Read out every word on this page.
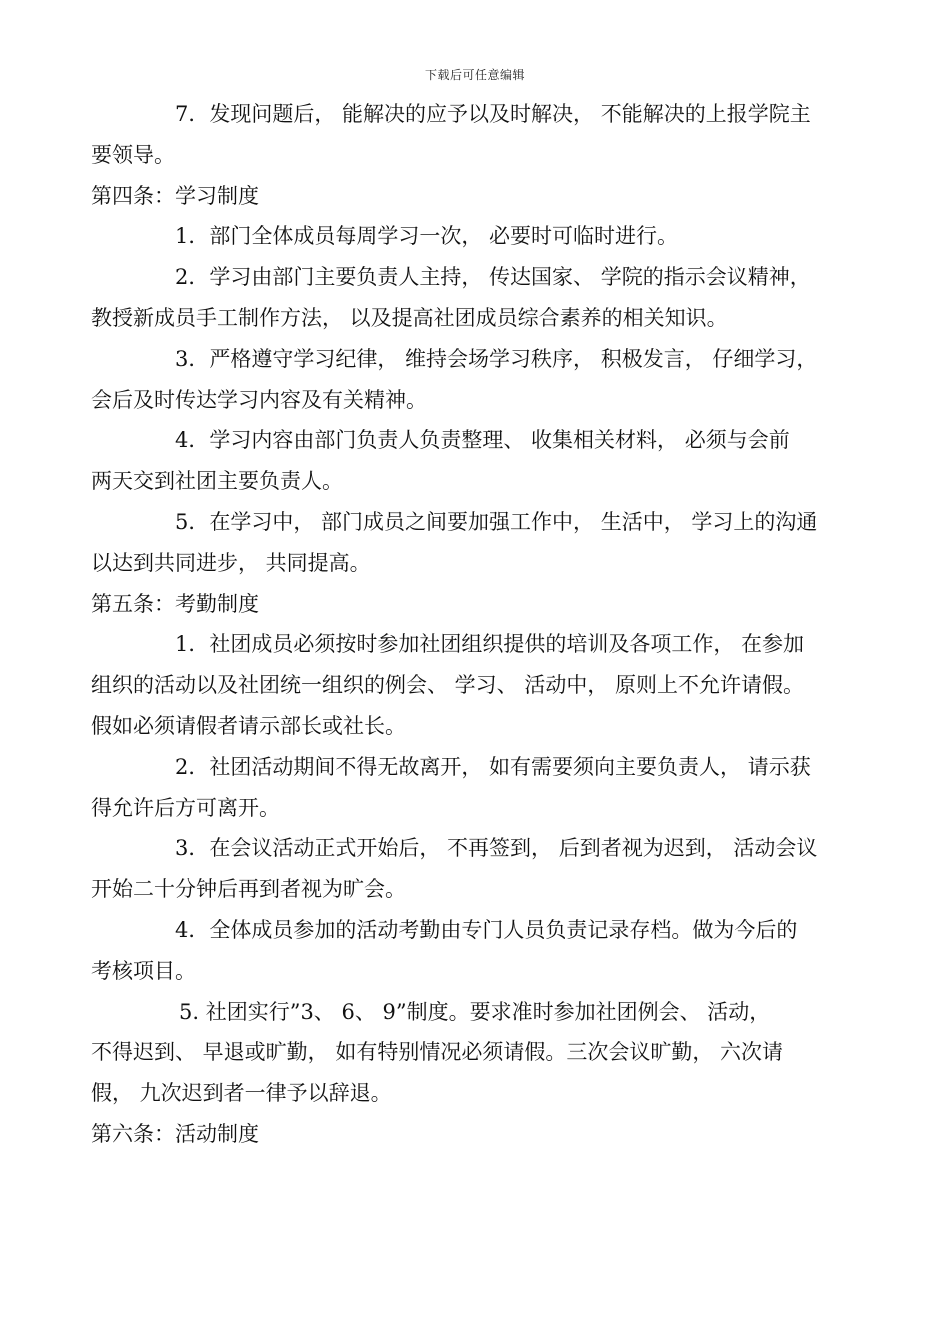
下载后可任意编辑
7．发现问题后， 能解决的应予以及时解决， 不能解决的上报学院主
要领导。
第四条：学习制度
1．部门全体成员每周学习一次， 必要时可临时进行。
2．学习由部门主要负责人主持， 传达国家、 学院的指示会议精神，
教授新成员手工制作方法， 以及提高社团成员综合素养的相关知识。
3．严格遵守学习纪律， 维持会场学习秩序， 积极发言， 仔细学习，
会后及时传达学习内容及有关精神。
4．学习内容由部门负责人负责整理、 收集相关材料， 必须与会前
两天交到社团主要负责人。
5．在学习中， 部门成员之间要加强工作中， 生活中， 学习上的沟通
以达到共同进步， 共同提高。
第五条：考勤制度
1．社团成员必须按时参加社团组织提供的培训及各项工作， 在参加
组织的活动以及社团统一组织的例会、 学习、 活动中， 原则上不允许请假。
假如必须请假者请示部长或社长。
2．社团活动期间不得无故离开， 如有需要须向主要负责人， 请示获
得允许后方可离开。
3．在会议活动正式开始后， 不再签到， 后到者视为迟到， 活动会议
开始二十分钟后再到者视为旷会。
4．全体成员参加的活动考勤由专门人员负责记录存档。做为今后的
考核项目。
5. 社团实行”3、 6、 9”制度。要求准时参加社团例会、 活动，
不得迟到、 早退或旷勤， 如有特别情况必须请假。三次会议旷勤， 六次请
假， 九次迟到者一律予以辞退。
第六条：活动制度
